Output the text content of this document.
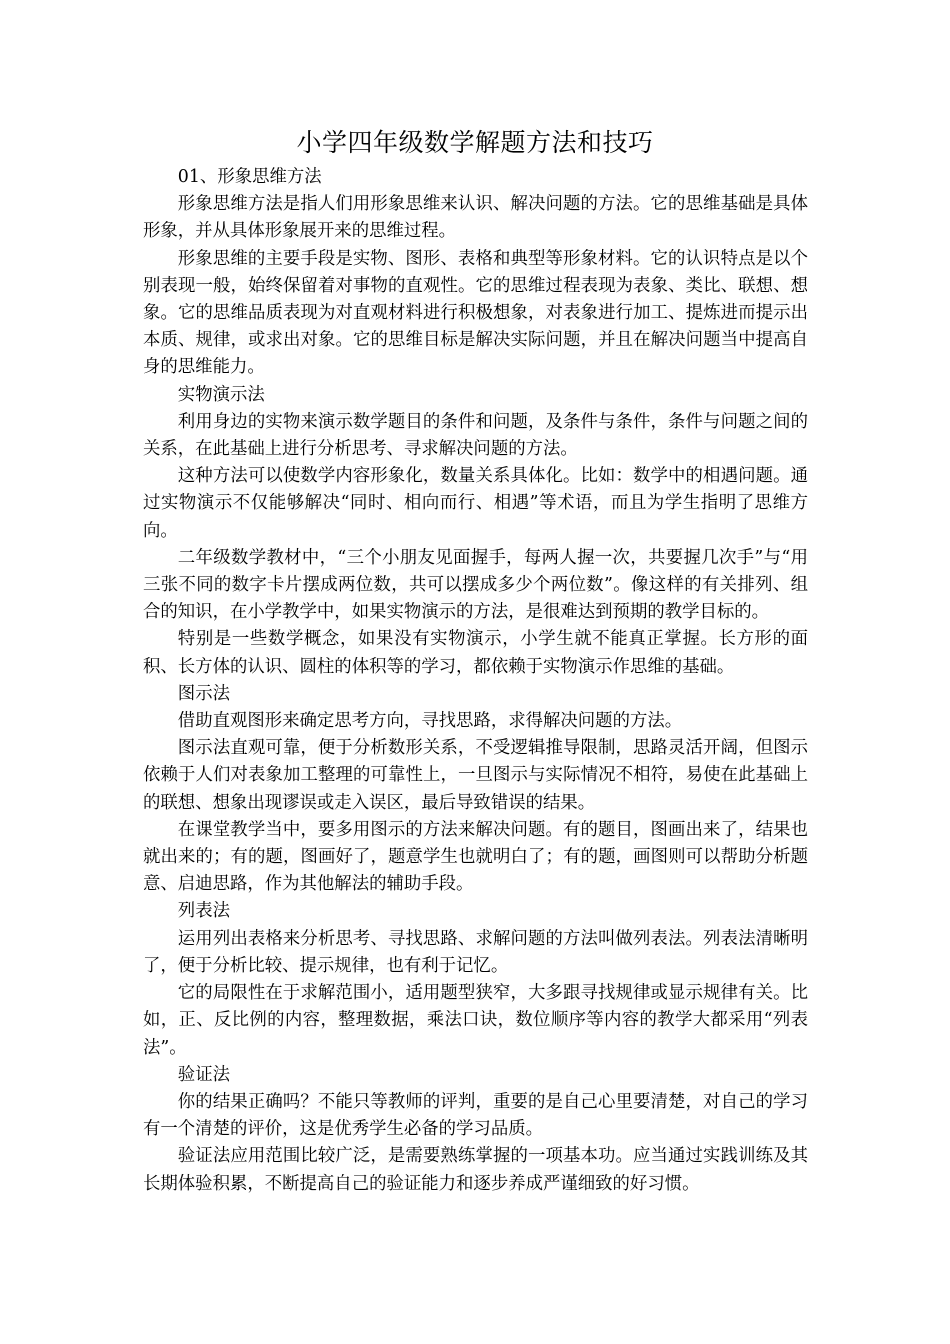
小学四年级数学解题方法和技巧

01、形象思维方法

形象思维方法是指人们用形象思维来认识、解决问题的方法。它的思维基础是具体形象，并从具体形象展开来的思维过程。

形象思维的主要手段是实物、图形、表格和典型等形象材料。它的认识特点是以个别表现一般，始终保留着对事物的直观性。它的思维过程表现为表象、类比、联想、想象。它的思维品质表现为对直观材料进行积极想象，对表象进行加工、提炼进而提示出本质、规律，或求出对象。它的思维目标是解决实际问题，并且在解决问题当中提高自身的思维能力。

实物演示法

利用身边的实物来演示数学题目的条件和问题，及条件与条件，条件与问题之间的关系，在此基础上进行分析思考、寻求解决问题的方法。

这种方法可以使数学内容形象化，数量关系具体化。比如：数学中的相遇问题。通过实物演示不仅能够解决“同时、相向而行、相遇”等术语，而且为学生指明了思维方向。

二年级数学教材中，“三个小朋友见面握手，每两人握一次，共要握几次手”与“用三张不同的数字卡片摆成两位数，共可以摆成多少个两位数”。像这样的有关排列、组合的知识，在小学教学中，如果实物演示的方法，是很难达到预期的教学目标的。

特别是一些数学概念，如果没有实物演示，小学生就不能真正掌握。长方形的面积、长方体的认识、圆柱的体积等的学习，都依赖于实物演示作思维的基础。

图示法

借助直观图形来确定思考方向，寻找思路，求得解决问题的方法。

图示法直观可靠，便于分析数形关系，不受逻辑推导限制，思路灵活开阔，但图示依赖于人们对表象加工整理的可靠性上，一旦图示与实际情况不相符，易使在此基础上的联想、想象出现谬误或走入误区，最后导致错误的结果。

在课堂教学当中，要多用图示的方法来解决问题。有的题目，图画出来了，结果也就出来的；有的题，图画好了，题意学生也就明白了；有的题，画图则可以帮助分析题意、启迪思路，作为其他解法的辅助手段。

列表法

运用列出表格来分析思考、寻找思路、求解问题的方法叫做列表法。列表法清晰明了，便于分析比较、提示规律，也有利于记忆。

它的局限性在于求解范围小，适用题型狭窄，大多跟寻找规律或显示规律有关。比如，正、反比例的内容，整理数据，乘法口诀，数位顺序等内容的教学大都采用“列表法”。

验证法

你的结果正确吗？不能只等教师的评判，重要的是自己心里要清楚，对自己的学习有一个清楚的评价，这是优秀学生必备的学习品质。

验证法应用范围比较广泛，是需要熟练掌握的一项基本功。应当通过实践训练及其长期体验积累，不断提高自己的验证能力和逐步养成严谨细致的好习惯。
